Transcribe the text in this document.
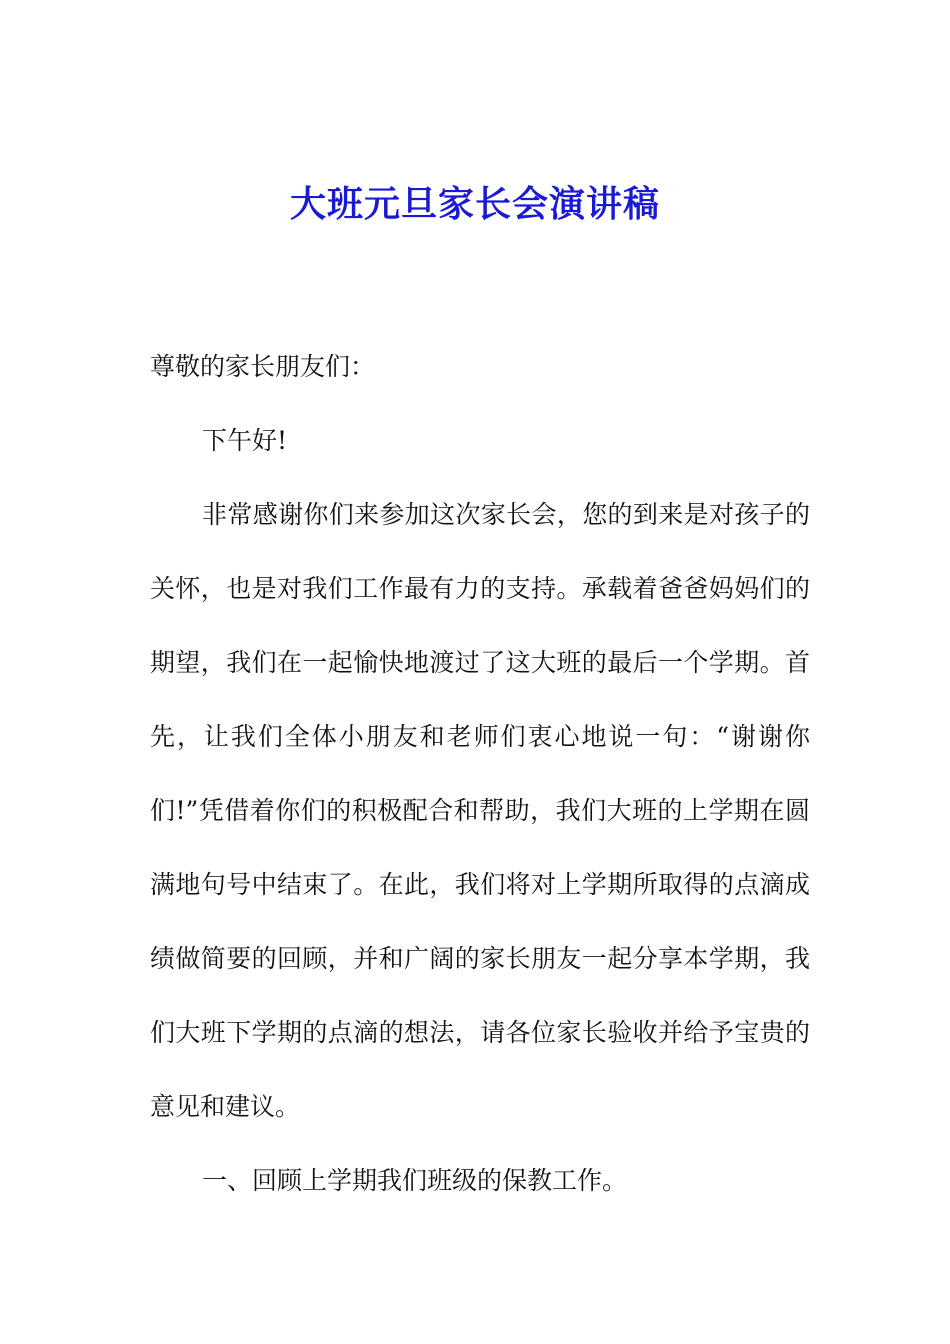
大班元旦家长会演讲稿

尊敬的家长朋友们：

下午好!

非常感谢你们来参加这次家长会，您的到来是对孩子的关怀，也是对我们工作最有力的支持。承载着爸爸妈妈们的期望，我们在一起愉快地渡过了这大班的最后一个学期。首先，让我们全体小朋友和老师们衷心地说一句：“谢谢你们!”凭借着你们的积极配合和帮助，我们大班的上学期在圆满地句号中结束了。在此，我们将对上学期所取得的点滴成绩做简要的回顾，并和广阔的家长朋友一起分享本学期，我们大班下学期的点滴的想法，请各位家长验收并给予宝贵的意见和建议。

一、回顾上学期我们班级的保教工作。
